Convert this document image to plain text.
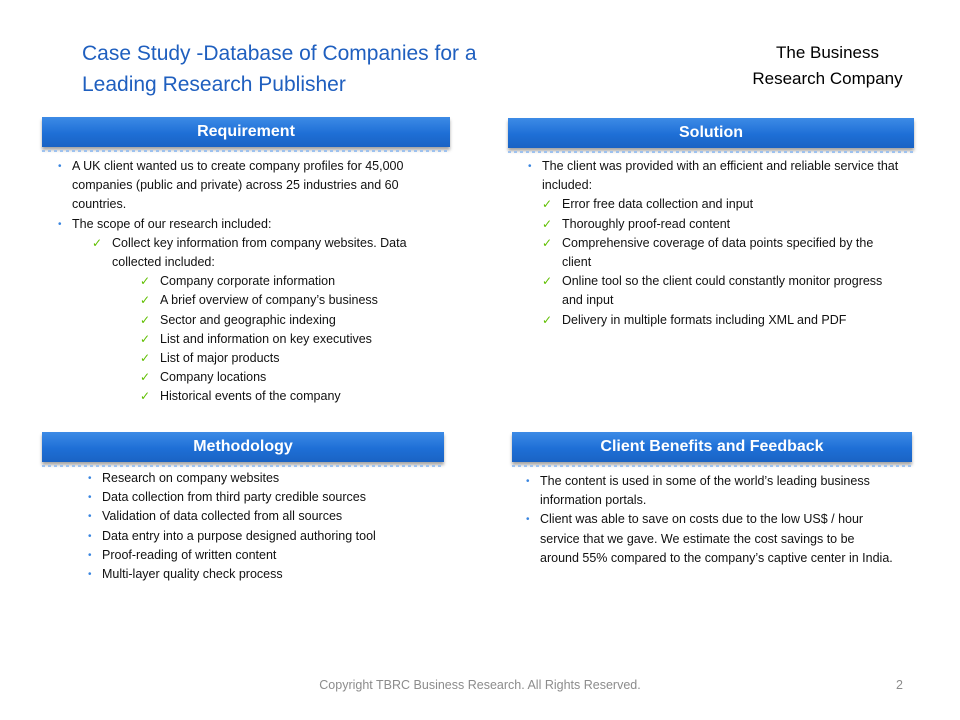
Case Study -Database of Companies for a
Leading Research Publisher
The Business
Research Company
Requirement
• A UK client wanted us to create company profiles for 45,000 companies (public and private) across 25 industries and 60 countries.
• The scope of our research included:
✓ Collect key information from company websites. Data collected included:
✓ Company corporate information
✓ A brief overview of company’s business
✓ Sector and geographic indexing
✓ List and information on key executives
✓ List of major products
✓ Company locations
✓ Historical events of the company
Solution
• The client was provided with an efficient and reliable service that included:
✓ Error free data collection and input
✓ Thoroughly proof-read content
✓ Comprehensive coverage of data points specified by the client
✓ Online tool so the client could constantly monitor progress and input
✓ Delivery in multiple formats including XML and PDF
Methodology
• Research on company websites
• Data collection from third party credible sources
• Validation of data collected from all sources
• Data entry into a purpose designed authoring tool
• Proof-reading of written content
• Multi-layer quality check process
Client Benefits and Feedback
• The content is used in some of the world’s leading business information portals.
• Client was able to save on costs due to the low US$ / hour service that we gave. We estimate the cost savings to be around 55% compared to the company’s captive center in India.
Copyright TBRC Business Research. All Rights Reserved.	2
